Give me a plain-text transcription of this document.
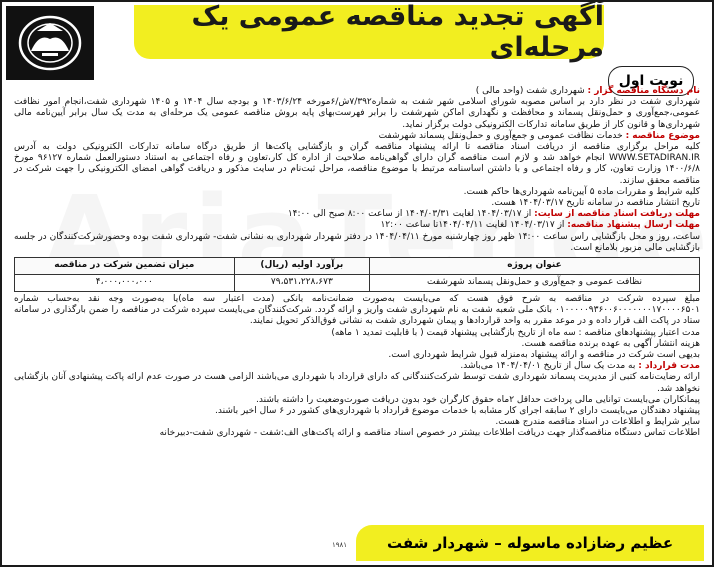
آگهی تجدید مناقصه عمومی یک مرحله‌ای
نوبت اول

نام دستگاه مناقصه گزار : شهرداری شفت (واحد مالی )

شهرداری شفت در نظر دارد بر اساس مصوبه شورای اسلامی شهر شفت به شماره۷/۳۹۲ش/۶مورخه ۱۴۰۳/۶/۲۴ و بودجه سال ۱۴۰۴ و ۱۴۰۵ شهرداری شفت،انجام امور نظافت عمومی،جمع‌آوری و حمل‌ونقل پسماند و محافظت و نگهداری اماکن شهرشفت را برابر فهرست‌بهای پایه بروش مناقصه عمومی یک مرحله‌ای به مدت یک سال برابر آیین‌نامه مالی شهرداری‌ها و قانون کار از طریق سامانه تدارکات الکترونیکی دولت برگزار نماید.

موضوع مناقصه : خدمات نظافت عمومی و جمع‌آوری و حمل‌ونقل پسماند شهرشفت

کلیه مراحل برگزاری مناقصه از دریافت اسناد مناقصه تا ارائه پیشنهاد مناقصه گران و بازگشایی پاکت‌ها از طریق درگاه سامانه تدارکات الکترونیکی دولت به آدرس WWW.SETADIRAN.IR انجام خواهد شد و لازم است مناقصه گران دارای گواهی‌نامه صلاحیت از اداره کل کار،تعاون و رفاه اجتماعی به استناد دستورالعمل شماره ۹۶۱۲۷ مورخ ۱۴۰۰/۶/۸ وزارت تعاون، کار و رفاه اجتماعی و با داشتن اساسنامه مرتبط با موضوع مناقصه، مراحل ثبت‌نام در سایت مذکور و دریافت گواهی امضای الکترونیکی را جهت شرکت در مناقصه محقق سازند.

کلیه شرایط و مقررات ماده ۵ آیین‌نامه شهرداری‌ها حاکم هست.

تاریخ انتشار مناقصه در سامانه تاریخ ۱۴۰۴/۰۳/۱۷ هست.

مهلت دریافت اسناد مناقصه از سایت: از ۱۴۰۴/۰۳/۱۷ لغایت ۱۴۰۴/۰۳/۳۱ از ساعت ۸:۰۰ صبح الی ۱۴:۰۰

مهلت ارسال پیشنهاد مناقصه: از ۱۴۰۴/۰۳/۱۷ لغایت ۱۴۰۴/۰۴/۱۱تا ساعت ۱۲:۰۰

ساعت، روز و محل بازگشایی راس ساعت ۱۴:۰۰ ظهر روز چهارشنبه مورخ ۱۴۰۴/۰۴/۱۱ در دفتر شهردار شهرداری به نشانی شفت- شهرداری شفت بوده وحضورشرکت‌کنندگان در جلسه بازگشایی مالی مزبور بلامانع است.

عنوان پروژه	برآورد اولیه (ریال)	میزان تضمین شرکت در مناقصه
نظافت عمومی و جمع‌آوری و حمل‌ونقل پسماند شهرشفت	۷۹،۵۳۱،۲۲۸،۶۷۳	۴،۰۰۰،۰۰۰،۰۰۰

مبلغ سپرده شرکت در مناقصه به شرح فوق هست که می‌بایست به‌صورت ضمانت‌نامه بانکی (مدت اعتبار سه ماه)یا به‌صورت وجه نقد به‌حساب شماره ۰۱۰۰۰۰۰۹۳۶۰۰۶۰۰۰۰۰۰۰۱۷۰۰۰۰۶۵۰۱ بانک ملی شعبه شفت به نام شهرداری شفت واریز و ارائه گردد. شرکت‌کنندگان می‌بایست سپرده شرکت در مناقصه را ضمن بارگذاری در سامانه ستاد در پاکت الف قرار داده و در موعد مقرر به واحد قراردادها و پیمان شهرداری شفت به نشانی فوق‌الذکر تحویل نمایند.

مدت اعتبار پیشنهادهای مناقصه : سه ماه از تاریخ بازگشایی پیشنهاد قیمت ( با قابلیت تمدید ۱ ماهه)

هزینه انتشار آگهی به عهده برنده مناقصه هست.

بدیهی است شرکت در مناقصه و ارائه پیشنهاد به‌منزله قبول شرایط شهرداری است.

مدت قرارداد : به مدت یک سال از تاریخ ۱۴۰۴/۰۴/۰۱ می‌باشد.

ارائه رضایت‌نامه کتبی از مدیریت پسماند شهرداری شفت توسط شرکت‌کنندگانی که دارای قرارداد با شهرداری می‌باشند الزامی هست در صورت عدم ارائه پاکت پیشنهادی آنان بازگشایی نخواهد شد.

پیمانکاران می‌بایست توانایی مالی پرداخت حداقل ۲ماه حقوق کارگران خود بدون دریافت صورت‌وضعیت را داشته باشند.

پیشنهاد دهندگان می‌بایست دارای ۲ سابقه اجرای کار مشابه با خدمات موضوع قرارداد با شهرداری‌های کشور در ۶ سال اخیر باشند.

سایر شرایط و اطلاعات در اسناد مناقصه مندرج هست.

اطلاعات تماس دستگاه مناقصه‌گذار جهت دریافت اطلاعات بیشتر در خصوص اسناد مناقصه و ارائه پاکت‌های الف:شفت - شهرداری شفت-دبیرخانه

۱۹۸۱	عظیم رضازاده ماسوله – شهردار شفت
